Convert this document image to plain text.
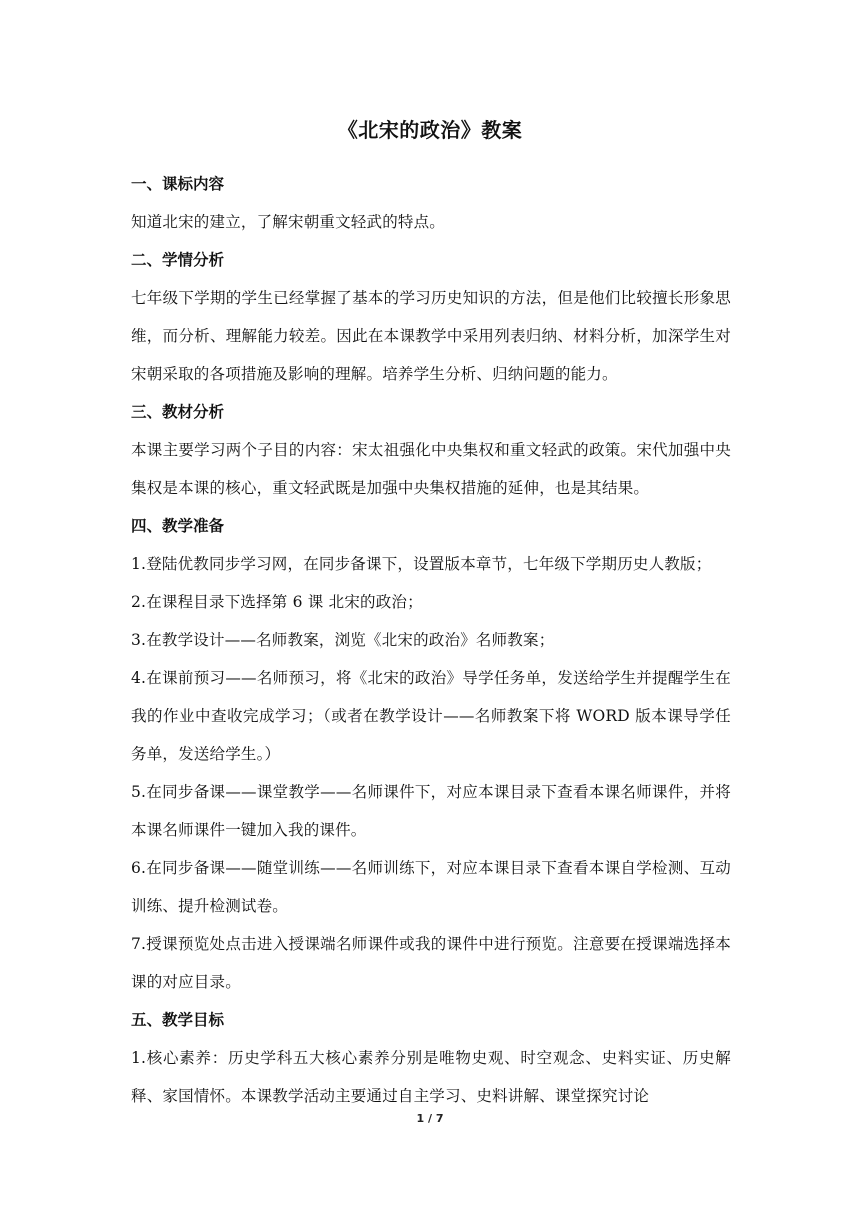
《北宋的政治》教案
一、课标内容
知道北宋的建立，了解宋朝重文轻武的特点。
二、学情分析
七年级下学期的学生已经掌握了基本的学习历史知识的方法，但是他们比较擅长形象思维，而分析、理解能力较差。因此在本课教学中采用列表归纳、材料分析，加深学生对宋朝采取的各项措施及影响的理解。培养学生分析、归纳问题的能力。
三、教材分析
本课主要学习两个子目的内容：宋太祖强化中央集权和重文轻武的政策。宋代加强中央集权是本课的核心，重文轻武既是加强中央集权措施的延伸，也是其结果。
四、教学准备
1.登陆优教同步学习网，在同步备课下，设置版本章节，七年级下学期历史人教版；
2.在课程目录下选择第 6 课 北宋的政治；
3.在教学设计——名师教案，浏览《北宋的政治》名师教案；
4.在课前预习——名师预习，将《北宋的政治》导学任务单，发送给学生并提醒学生在我的作业中查收完成学习；（或者在教学设计——名师教案下将 WORD 版本课导学任务单，发送给学生。）
5.在同步备课——课堂教学——名师课件下，对应本课目录下查看本课名师课件，并将本课名师课件一键加入我的课件。
6.在同步备课——随堂训练——名师训练下，对应本课目录下查看本课自学检测、互动训练、提升检测试卷。
7.授课预览处点击进入授课端名师课件或我的课件中进行预览。注意要在授课端选择本课的对应目录。
五、教学目标
1.核心素养：历史学科五大核心素养分别是唯物史观、时空观念、史料实证、历史解释、家国情怀。本课教学活动主要通过自主学习、史料讲解、课堂探究讨论
1 / 7
